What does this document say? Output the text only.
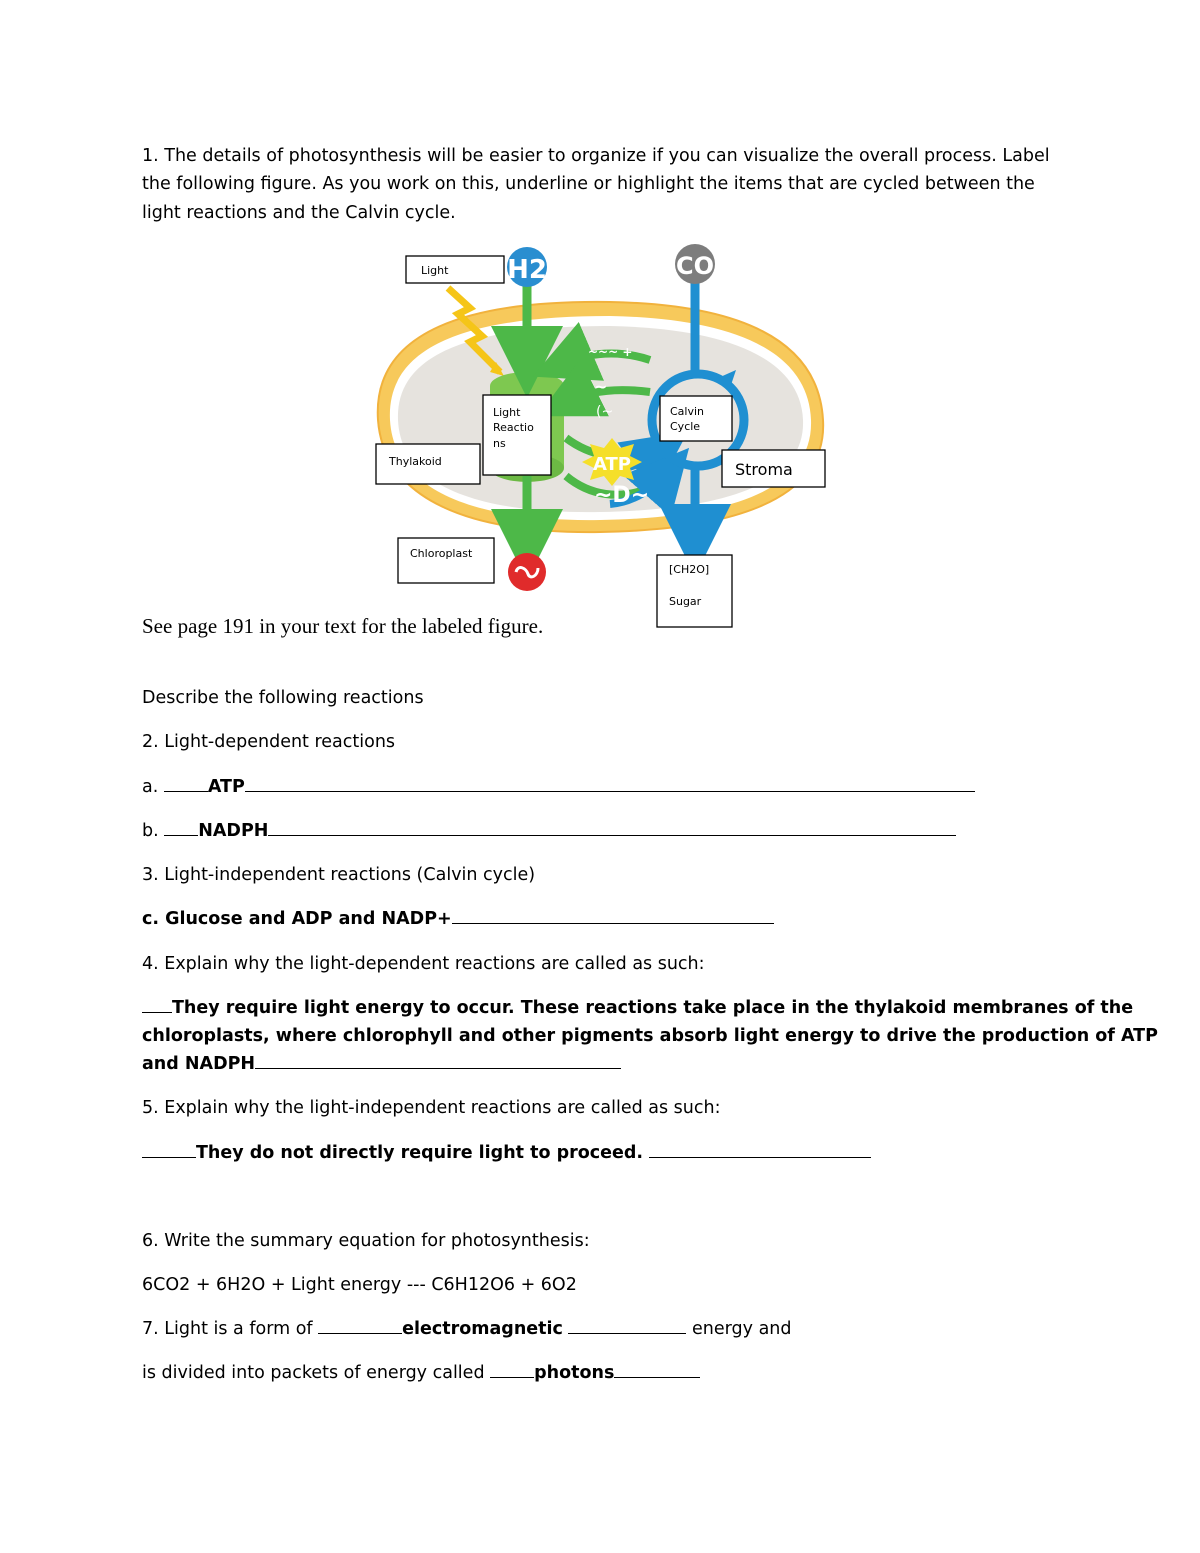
1. The details of photosynthesis will be easier to organize if you can visualize the overall process. Label
the following figure. As you work on this, underline or highlight the items that are cycled between the
light reactions and the Calvin cycle.
H2	CO
ATP
~~~ +
~
(~
~D~
Light
Light
Reactio
ns
Thylakoid
Calvin
Cycle
Stroma
Chloroplast
[CH2O]
Sugar
See page 191 in your text for the labeled figure.
Describe the following reactions
2. Light-dependent reactions
a.	ATP
b. NADPH
3. Light-independent reactions (Calvin cycle)
c. Glucose and ADP and NADP+
4. Explain why the light-dependent reactions are called as such:
They require light energy to occur. These reactions take place in the thylakoid membranes of the
chloroplasts, where chlorophyll and other pigments absorb light energy to drive the production of ATP
and NADPH
5. Explain why the light-independent reactions are called as such:
They do not directly require light to proceed.
6. Write the summary equation for photosynthesis:
6CO2 + 6H2O + Light energy --- C6H12O6 + 6O2
7. Light is a form of	electromagnetic	energy and
is divided into packets of energy called	photons
